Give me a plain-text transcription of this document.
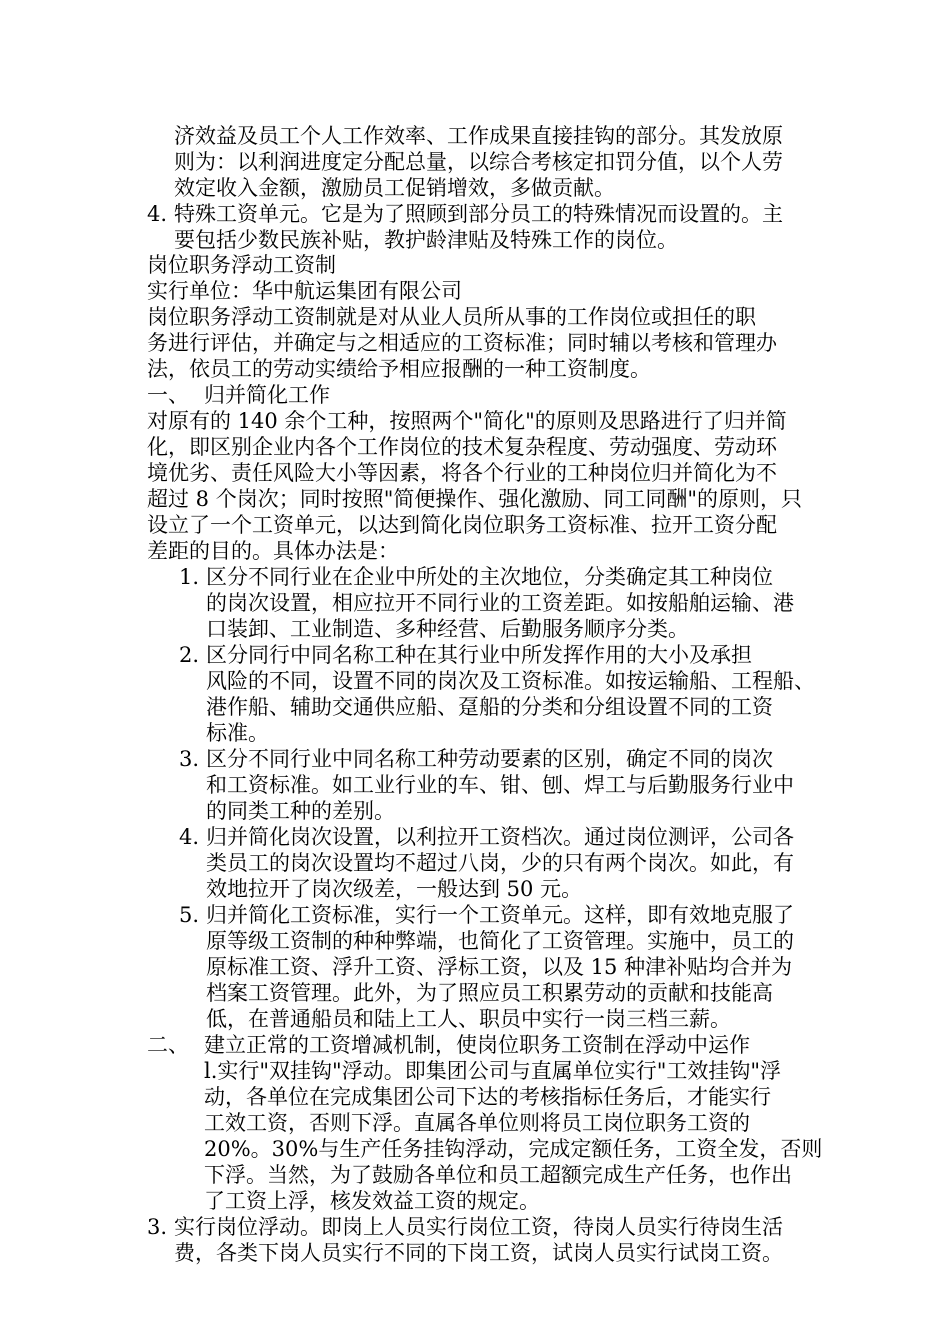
济效益及员工个人工作效率、工作成果直接挂钩的部分。其发放原
则为：以利润进度定分配总量，以综合考核定扣罚分值，以个人劳
效定收入金额，激励员工促销增效，多做贡献。
4. 特殊工资单元。它是为了照顾到部分员工的特殊情况而设置的。主
要包括少数民族补贴，教护龄津贴及特殊工作的岗位。
岗位职务浮动工资制
实行单位：华中航运集团有限公司
岗位职务浮动工资制就是对从业人员所从事的工作岗位或担任的职
务进行评估，并确定与之相适应的工资标准；同时辅以考核和管理办
法，依员工的劳动实绩给予相应报酬的一种工资制度。
一、 归并简化工作
对原有的 140 余个工种，按照两个"简化"的原则及思路进行了归并简
化，即区别企业内各个工作岗位的技术复杂程度、劳动强度、劳动环
境优劣、责任风险大小等因素，将各个行业的工种岗位归并简化为不
超过 8 个岗次；同时按照"简便操作、强化激励、同工同酬"的原则，只
设立了一个工资单元，以达到简化岗位职务工资标准、拉开工资分配
差距的目的。具体办法是：
1. 区分不同行业在企业中所处的主次地位，分类确定其工种岗位
的岗次设置，相应拉开不同行业的工资差距。如按船舶运输、港
口装卸、工业制造、多种经营、后勤服务顺序分类。
2. 区分同行中同名称工种在其行业中所发挥作用的大小及承担
风险的不同，设置不同的岗次及工资标准。如按运输船、工程船、
港作船、辅助交通供应船、趸船的分类和分组设置不同的工资
标准。
3. 区分不同行业中同名称工种劳动要素的区别，确定不同的岗次
和工资标准。如工业行业的车、钳、刨、焊工与后勤服务行业中
的同类工种的差别。
4. 归并简化岗次设置，以利拉开工资档次。通过岗位测评，公司各
类员工的岗次设置均不超过八岗，少的只有两个岗次。如此，有
效地拉开了岗次级差，一般达到 50 元。
5. 归并简化工资标准，实行一个工资单元。这样，即有效地克服了
原等级工资制的种种弊端，也简化了工资管理。实施中，员工的
原标准工资、浮升工资、浮标工资，以及 15 种津补贴均合并为
档案工资管理。此外，为了照应员工积累劳动的贡献和技能高
低，在普通船员和陆上工人、职员中实行一岗三档三薪。
二、 建立正常的工资增减机制，使岗位职务工资制在浮动中运作
l.实行"双挂钩"浮动。即集团公司与直属单位实行"工效挂钩"浮
动，各单位在完成集团公司下达的考核指标任务后，才能实行
工效工资，否则下浮。直属各单位则将员工岗位职务工资的
20%。30%与生产任务挂钩浮动，完成定额任务，工资全发，否则
下浮。当然，为了鼓励各单位和员工超额完成生产任务，也作出
了工资上浮，核发效益工资的规定。
3. 实行岗位浮动。即岗上人员实行岗位工资，待岗人员实行待岗生活
费，各类下岗人员实行不同的下岗工资，试岗人员实行试岗工资。
